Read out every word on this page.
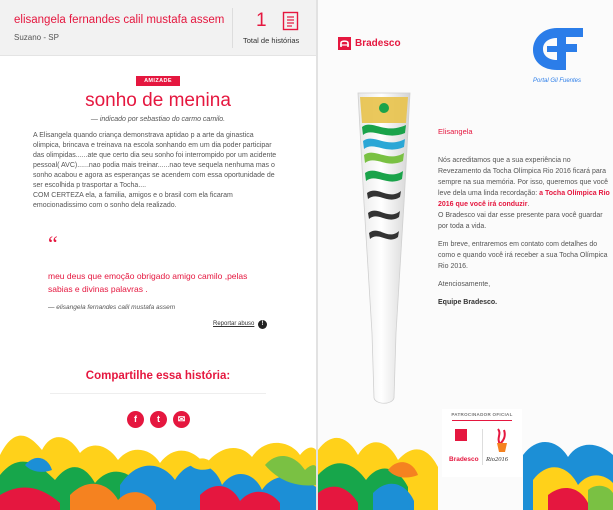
elisangela fernandes calil mustafa assem
Suzano - SP
1
Total de histórias
AMIZADE
sonho de menina
— indicado por sebastiao do carmo camilo.

A Elisangela quando criança demonstrava aptidao p a arte da ginastica olimpica, brincava e treinava na escola sonhando em um dia poder participar das olimpidas......ate que certo dia seu sonho foi interrompido por um acidente pessoal( AVC)......nao podia mais treinar......nao teve sequela nenhuma mas o sonho acabou e agora as esperanças se acendem com essa oportunidade de ser escolhida p trasportar a Tocha....
COM CERTEZA ela, a familia, amigos e o brasil com ela ficaram emocionadissimo com o sonho dela realizado.

“
meu deus que emoção obrigado amigo camilo ,pelas sabias e divinas palavras .
— elisangela fernandes calil mustafa assem
Reportar abuso	!
Compartilhe essa história:
f	t	✉
Bradesco
Portal Gil Fuentes
Elisangela

Nós acreditamos que a sua experiência no Revezamento da Tocha Olímpica Rio 2016 ficará para sempre na sua memória. Por isso, queremos que você leve dela uma linda recordação: a Tocha Olímpica Rio 2016 que você irá conduzir.
O Bradesco vai dar esse presente para você guardar por toda a vida.

Em breve, entraremos em contato com detalhes do como e quando você irá receber a sua Tocha Olímpica Rio 2016.

Atenciosamente,

Equipe Bradesco.

PATROCINADOR OFICIAL
Bradesco Rio2016
